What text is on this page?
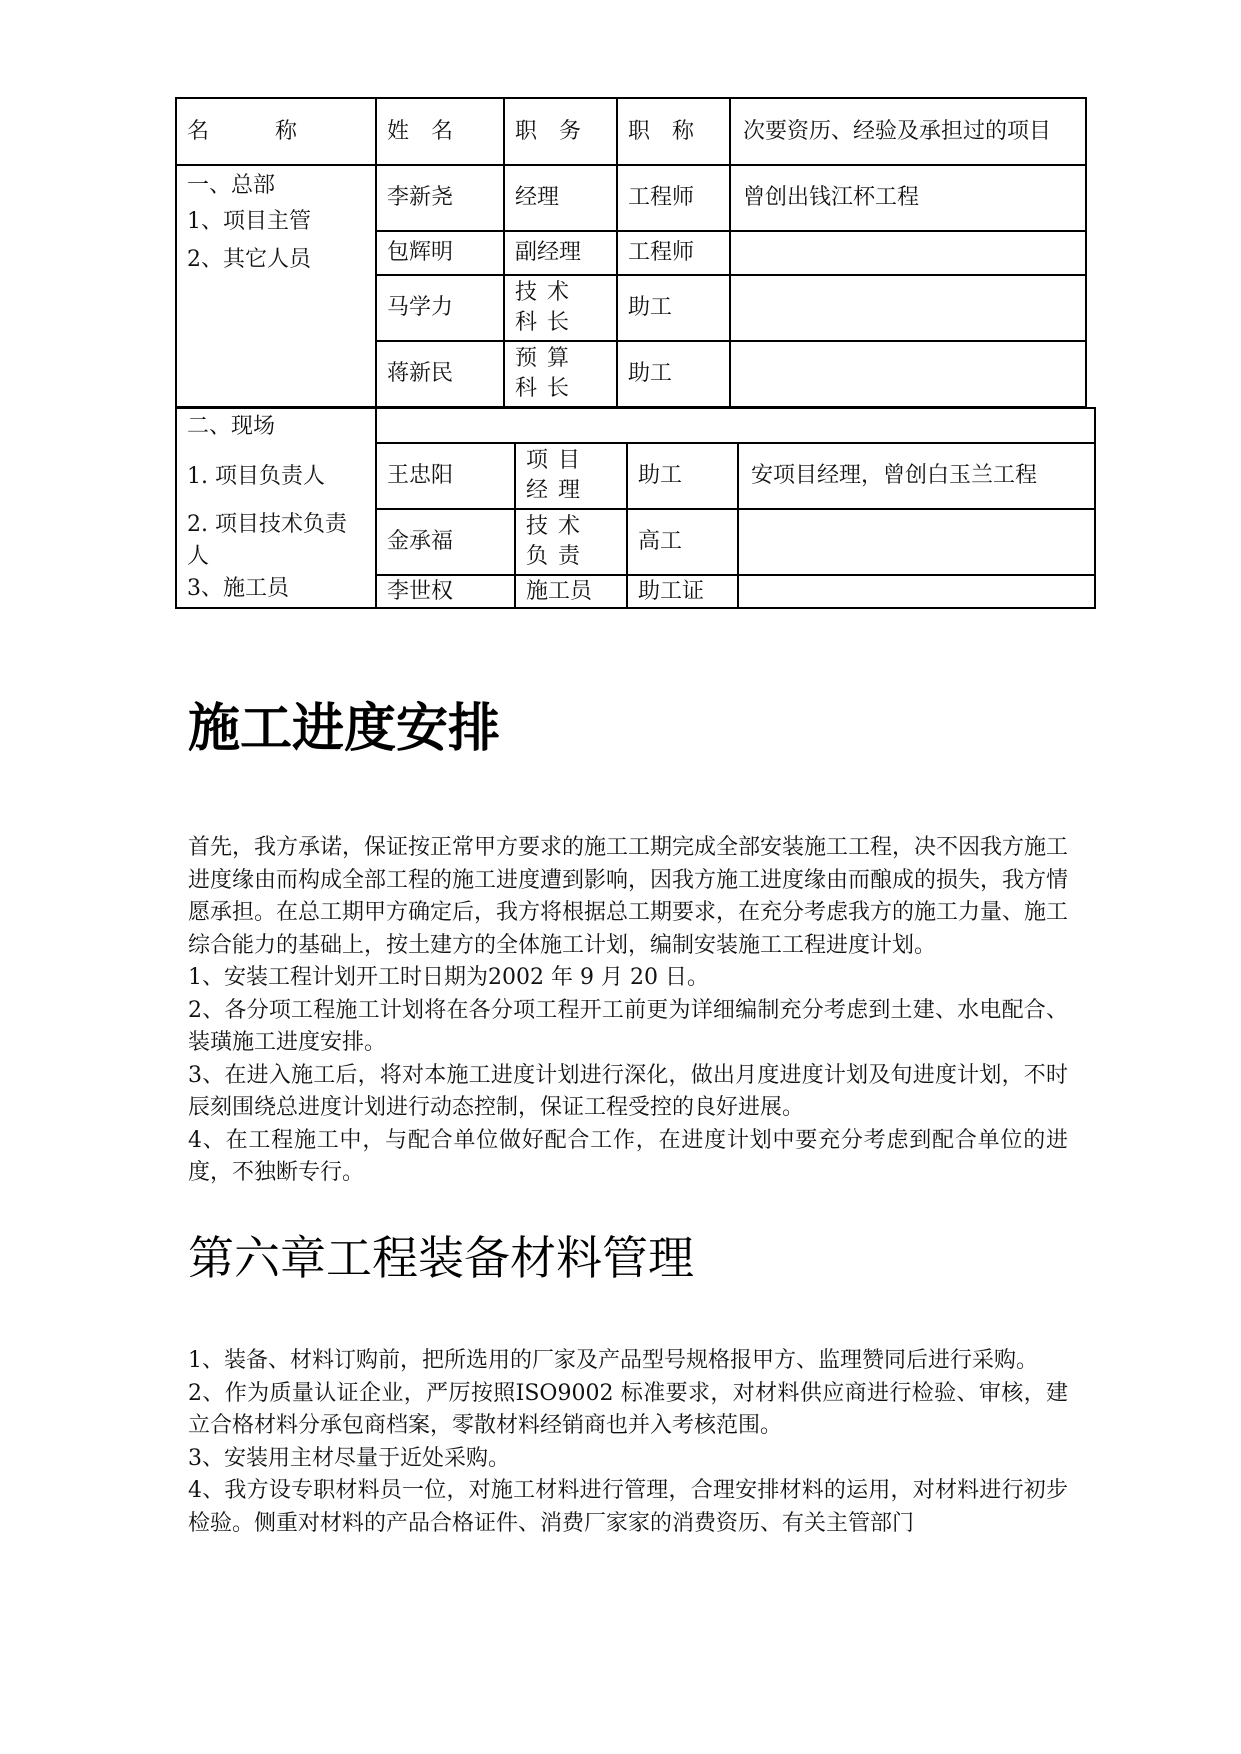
名　　　称	姓　名	职　务	职　称	次要资历、经验及承担过的项目

一、总部
1、项目主管
2、其它人员	李新尧	经理	工程师	曾创出钱江杯工程
	包辉明	副经理	工程师	
	马学力	技术科长	助工	
	蒋新民	预算科长	助工	
二、现场
1. 项目负责人
2. 项目技术负责人
3、施工员				

	王忠阳	项目经理	助工	安项目经理，曾创白玉兰工程
	金承福	技术负责	高工	
	李世权	施工员	助工证	
施工进度安排

首先，我方承诺，保证按正常甲方要求的施工工期完成全部安装施工工程，决不因我方施工进度缘由而构成全部工程的施工进度遭到影响，因我方施工进度缘由而酿成的损失，我方情愿承担。在总工期甲方确定后，我方将根据总工期要求，在充分考虑我方的施工力量、施工综合能力的基础上，按土建方的全体施工计划，编制安装施工工程进度计划。

1、安装工程计划开工时日期为2002 年 9 月 20 日。

2、各分项工程施工计划将在各分项工程开工前更为详细编制充分考虑到土建、水电配合、装璜施工进度安排。

3、在进入施工后，将对本施工进度计划进行深化，做出月度进度计划及旬进度计划，不时辰刻围绕总进度计划进行动态控制，保证工程受控的良好进展。

4、在工程施工中，与配合单位做好配合工作，在进度计划中要充分考虑到配合单位的进度，不独断专行。

第六章工程装备材料管理

1、装备、材料订购前，把所选用的厂家及产品型号规格报甲方、监理赞同后进行采购。

2、作为质量认证企业，严厉按照ISO9002 标准要求，对材料供应商进行检验、审核，建立合格材料分承包商档案，零散材料经销商也并入考核范围。

3、安装用主材尽量于近处采购。

4、我方设专职材料员一位，对施工材料进行管理，合理安排材料的运用，对材料进行初步检验。侧重对材料的产品合格证件、消费厂家家的消费资历、有关主管部门
